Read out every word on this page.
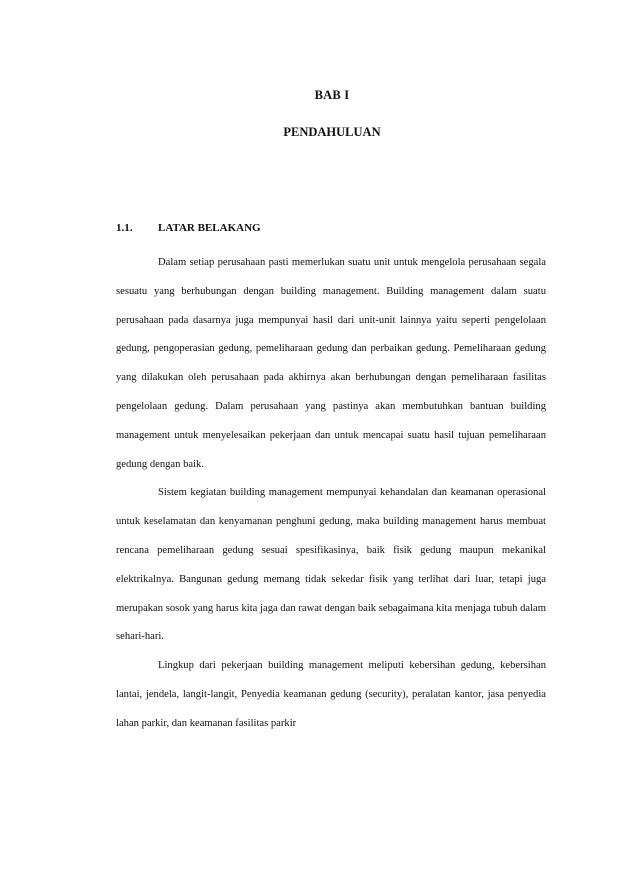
BAB I
PENDAHULUAN
1.1. LATAR BELAKANG

Dalam setiap perusahaan pasti memerlukan suatu unit untuk mengelola perusahaan segala sesuatu yang berhubungan dengan building management. Building management dalam suatu perusahaan pada dasarnya juga mempunyai hasil dari unit-unit lainnya yaitu seperti pengelolaan gedung, pengoperasian gedung, pemeliharaan gedung dan perbaikan gedung. Pemeliharaan gedung yang dilakukan oleh perusahaan pada akhirnya akan berhubungan dengan pemeliharaan fasilitas pengelolaan gedung. Dalam perusahaan yang pastinya akan membutuhkan bantuan building management untuk menyelesaikan pekerjaan dan untuk mencapai suatu hasil tujuan pemeliharaan gedung dengan baik.

Sistem kegiatan building management mempunyai kehandalan dan keamanan operasional untuk keselamatan dan kenyamanan penghuni gedung, maka building management harus membuat rencana pemeliharaan gedung sesuai spesifikasinya, baik fisik gedung maupun mekanikal elektrikalnya. Bangunan gedung memang tidak sekedar fisik yang terlihat dari luar, tetapi juga merupakan sosok yang harus kita jaga dan rawat dengan baik sebagaimana kita menjaga tubuh dalam sehari-hari.

Lingkup dari pekerjaan building management meliputi kebersihan gedung, kebersihan lantai, jendela, langit-langit, Penyedia keamanan gedung (security), peralatan kantor, jasa penyedia lahan parkir, dan keamanan fasilitas parkir
